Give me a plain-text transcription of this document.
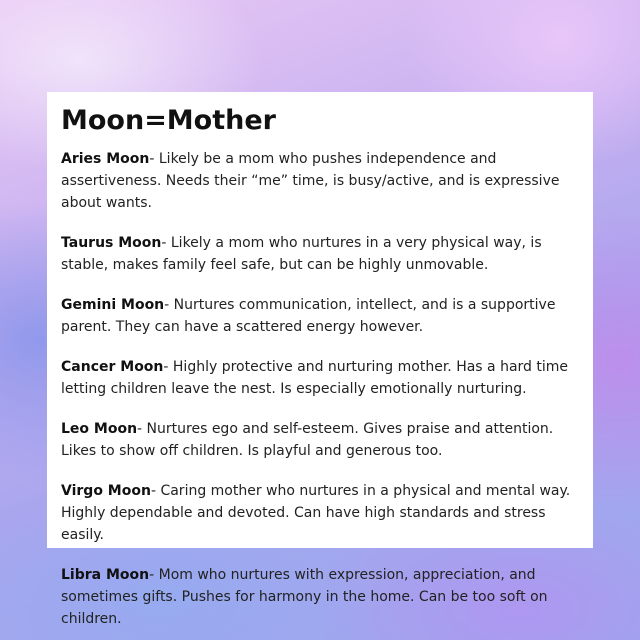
Moon=Mother

Aries Moon- Likely be a mom who pushes independence and assertiveness. Needs their “me” time, is busy/active, and is expressive about wants.

Taurus Moon- Likely a mom who nurtures in a very physical way, is stable, makes family feel safe, but can be highly unmovable.

Gemini Moon- Nurtures communication, intellect, and is a supportive parent. They can have a scattered energy however.

Cancer Moon- Highly protective and nurturing mother. Has a hard time letting children leave the nest. Is especially emotionally nurturing.

Leo Moon- Nurtures ego and self-esteem. Gives praise and attention. Likes to show off children. Is playful and generous too.

Virgo Moon- Caring mother who nurtures in a physical and mental way. Highly dependable and devoted. Can have high standards and stress easily.

Libra Moon- Mom who nurtures with expression, appreciation, and sometimes gifts. Pushes for harmony in the home. Can be too soft on children.
